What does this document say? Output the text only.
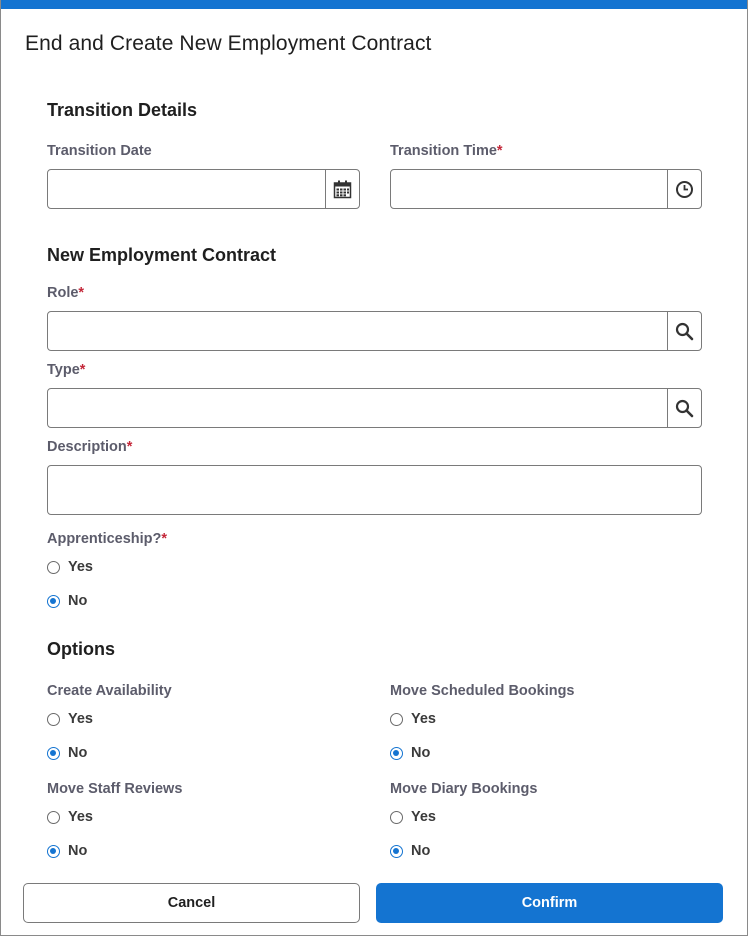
End and Create New Employment Contract
Transition Details
Transition Date	Transition Time*
New Employment Contract
Role*
Type*
Description*
Apprenticeship?*
Yes
No
Options
Create Availability
Yes
No
Move Scheduled Bookings
Yes
No
Move Staff Reviews
Yes
No
Move Diary Bookings
Yes
No
Cancel	Confirm
